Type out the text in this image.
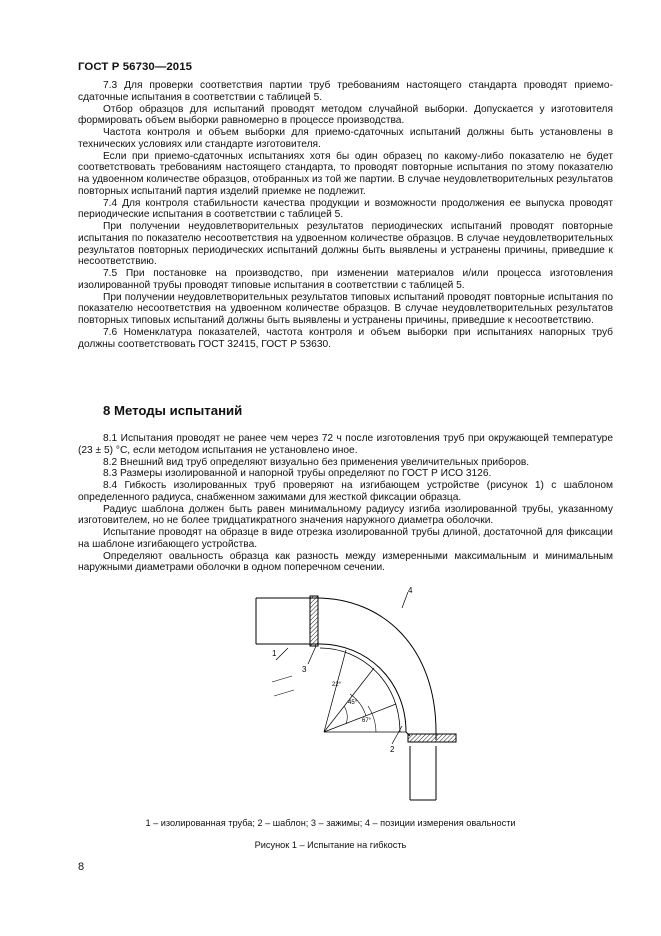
ГОСТ Р 56730—2015

7.3 Для проверки соответствия партии труб требованиям настоящего стандарта проводят приемо-сдаточные испытания в соответствии с таблицей 5.

Отбор образцов для испытаний проводят методом случайной выборки. Допускается у изготовителя формировать объем выборки равномерно в процессе производства.

Частота контроля и объем выборки для приемо-сдаточных испытаний должны быть установлены в технических условиях или стандарте изготовителя.

Если при приемо-сдаточных испытаниях хотя бы один образец по какому-либо показателю не будет соответствовать требованиям настоящего стандарта, то проводят повторные испытания по этому показателю на удвоенном количестве образцов, отобранных из той же партии. В случае неудовлетворительных результатов повторных испытаний партия изделий приемке не подлежит.

7.4 Для контроля стабильности качества продукции и возможности продолжения ее выпуска проводят периодические испытания в соответствии с таблицей 5.

При получении неудовлетворительных результатов периодических испытаний проводят повторные испытания по показателю несоответствия на удвоенном количестве образцов. В случае неудовлетворительных результатов повторных периодических испытаний должны быть выявлены и устранены причины, приведшие к несоответствию.

7.5 При постановке на производство, при изменении материалов и/или процесса изготовления изолированной трубы проводят типовые испытания в соответствии с таблицей 5.

При получении неудовлетворительных результатов типовых испытаний проводят повторные испытания по показателю несоответствия на удвоенном количестве образцов. В случае неудовлетворительных результатов повторных типовых испытаний должны быть выявлены и устранены причины, приведшие к несоответствию.

7.6 Номенклатура показателей, частота контроля и объем выборки при испытаниях напорных труб должны соответствовать ГОСТ 32415, ГОСТ Р 53630.

8 Методы испытаний

8.1 Испытания проводят не ранее чем через 72 ч после изготовления труб при окружающей температуре (23 ± 5) °С, если методом испытания не установлено иное.

8.2 Внешний вид труб определяют визуально без применения увеличительных приборов.

8.3 Размеры изолированной и напорной трубы определяют по ГОСТ Р ИСО 3126.

8.4 Гибкость изолированных труб проверяют на изгибающем устройстве (рисунок 1) с шаблоном определенного радиуса, снабженном зажимами для жесткой фиксации образца.

Радиус шаблона должен быть равен минимальному радиусу изгиба изолированной трубы, указанному изготовителем, но не более тридцатикратного значения наружного диаметра оболочки.

Испытание проводят на образце в виде отрезка изолированной трубы длиной, достаточной для фиксации на шаблоне изгибающего устройства.

Определяют овальность образца как разность между измеренными максимальным и минимальным наружными диаметрами оболочки в одном поперечном сечении.

1
2
3
4
22°
45°
67°
1 – изолированная труба; 2 – шаблон; 3 – зажимы; 4 – позиции измерения овальности
Рисунок 1 – Испытание на гибкость
8
